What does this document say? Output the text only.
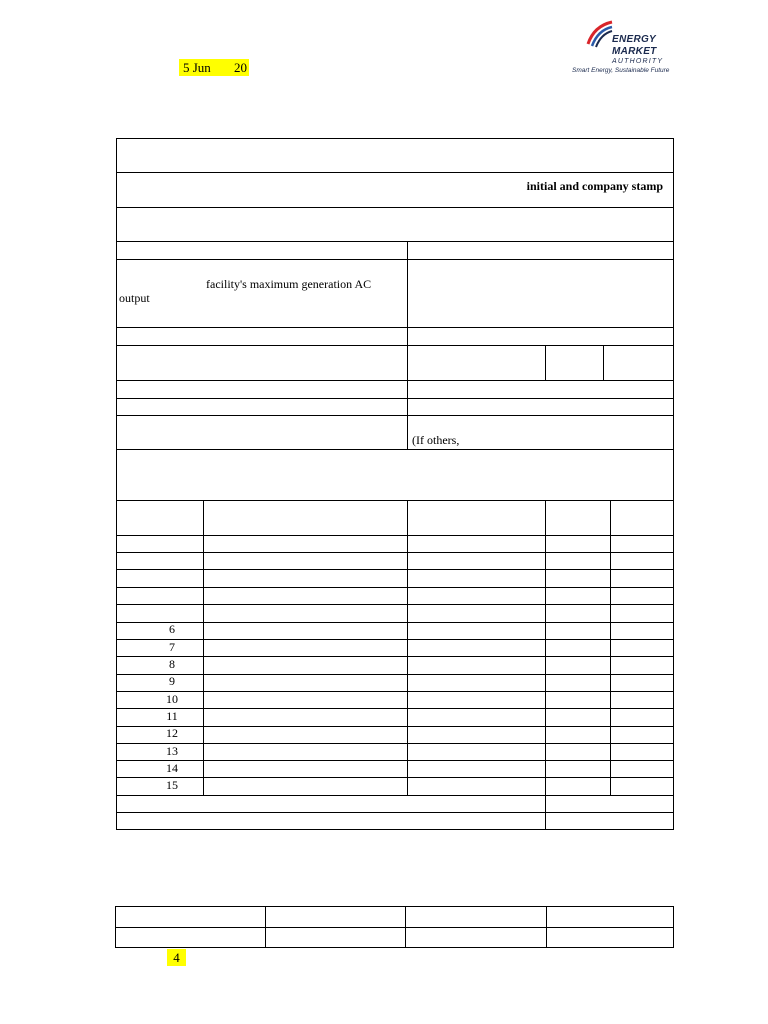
5 Jun 20

ENERGY
MARKET
AUTHORITY
Smart Energy, Sustainable Future
initial and company stamp
facility's maximum generation AC
output
(If others,
6
7
8
9
10
11
12
13
14
15
4
